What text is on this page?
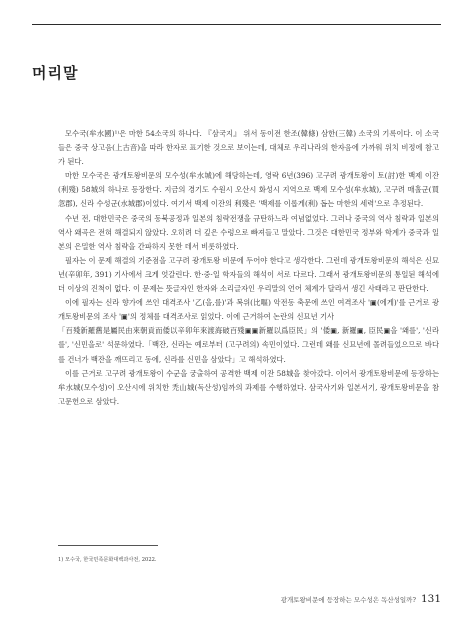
머리말

모수국(牟水國)¹⁾은 마한 54소국의 하나다. 『삼국지』 위서 동이전 한조(韓條) 삼한(三韓) 소국의 기록이다. 이 소국들은 중국 상고음(上古音)을 따라 한자로 표기한 것으로 보이는데, 대체로 우리나라의 한자음에 가까워 위치 비정에 참고가 된다.

마한 모수국은 광개토왕비문의 모수성(牟水城)에 해당하는데, 영락 6년(396) 고구려 광개토왕이 토(討)한 백제 이잔(利殘) 58城의 하나로 등장한다. 지금의 경기도 수원시 오산시 화성시 지역으로 백제 모수성(牟水城), 고구려 매홀군(買忽郡), 신라 수성군(水城郡)이었다. 여기서 백제 이잔의 利殘은 '백제를 이롭게(利) 돕는 마한의 세력'으로 추정된다.

수년 전, 대한민국은 중국의 동북공정과 일본의 침략전쟁을 규탄하느라 여념없었다. 그러나 중국의 역사 침략과 일본의 역사 왜곡은 전혀 해결되지 않았다. 오히려 더 깊은 수렁으로 빠져들고 말았다. 그것은 대한민국 정부와 학계가 중국과 일본의 은밀한 역사 침략을 간파하지 못한 데서 비롯하였다.

필자는 이 문제 해결의 기준점을 고구려 광개토왕 비문에 두어야 한다고 생각한다. 그런데 광개토왕비문의 해석은 신묘년(辛卯年, 391) 기사에서 크게 엇갈린다. 한·중·일 학자들의 해석이 서로 다르다. 그래서 광개토왕비문의 통일된 해석에 더 이상의 진척이 없다. 이 문제는 뜻글자인 한자와 소리글자인 우리말의 언어 체계가 달라서 생긴 사태라고 판단한다.

이에 필자는 신라 향가에 쓰인 대격조사 '乙(을,를)'과 복위(比嘔) 악전동 축문에 쓰인 여격조사 '▣(에게)'를 근거로 광개토왕비문의 조사 '▣'의 정체를 대격조사로 읽었다. 이에 근거하여 논란의 신묘년 기사

「百殘新羅舊是屬民由來朝貢而倭以辛卯年來渡海破百殘▣▣新羅以爲臣民」의 '倭▣, 新羅▣, 臣民▣을 '왜를', '신라를', '신민을로' 석문하였다.「백잔, 신라는 예로부터 (고구려의) 속민이었다. 그런데 왜를 신묘년에 몰려들었으므로 바다를 건너가 백잔을 깨뜨리고 동에, 신라를 신민을 삼았다」고 해석하였다.

이를 근거로 고구려 광개토왕이 수군을 궁출하여 공격한 백제 이잔 58城을 찾아갔다. 이어서 광개토왕비문에 등장하는 牟水城(모수성)이 오산시에 위치한 禿山城(독산성)임까의 과제를 수행하였다. 삼국사기와 일본서기, 광개토왕비문을 참고문헌으로 삼았다.

1) 모수국, 한국민족문화대백과사전, 2022.

광개토왕비문에 등장하는 모수성은 독산성일까? 131
